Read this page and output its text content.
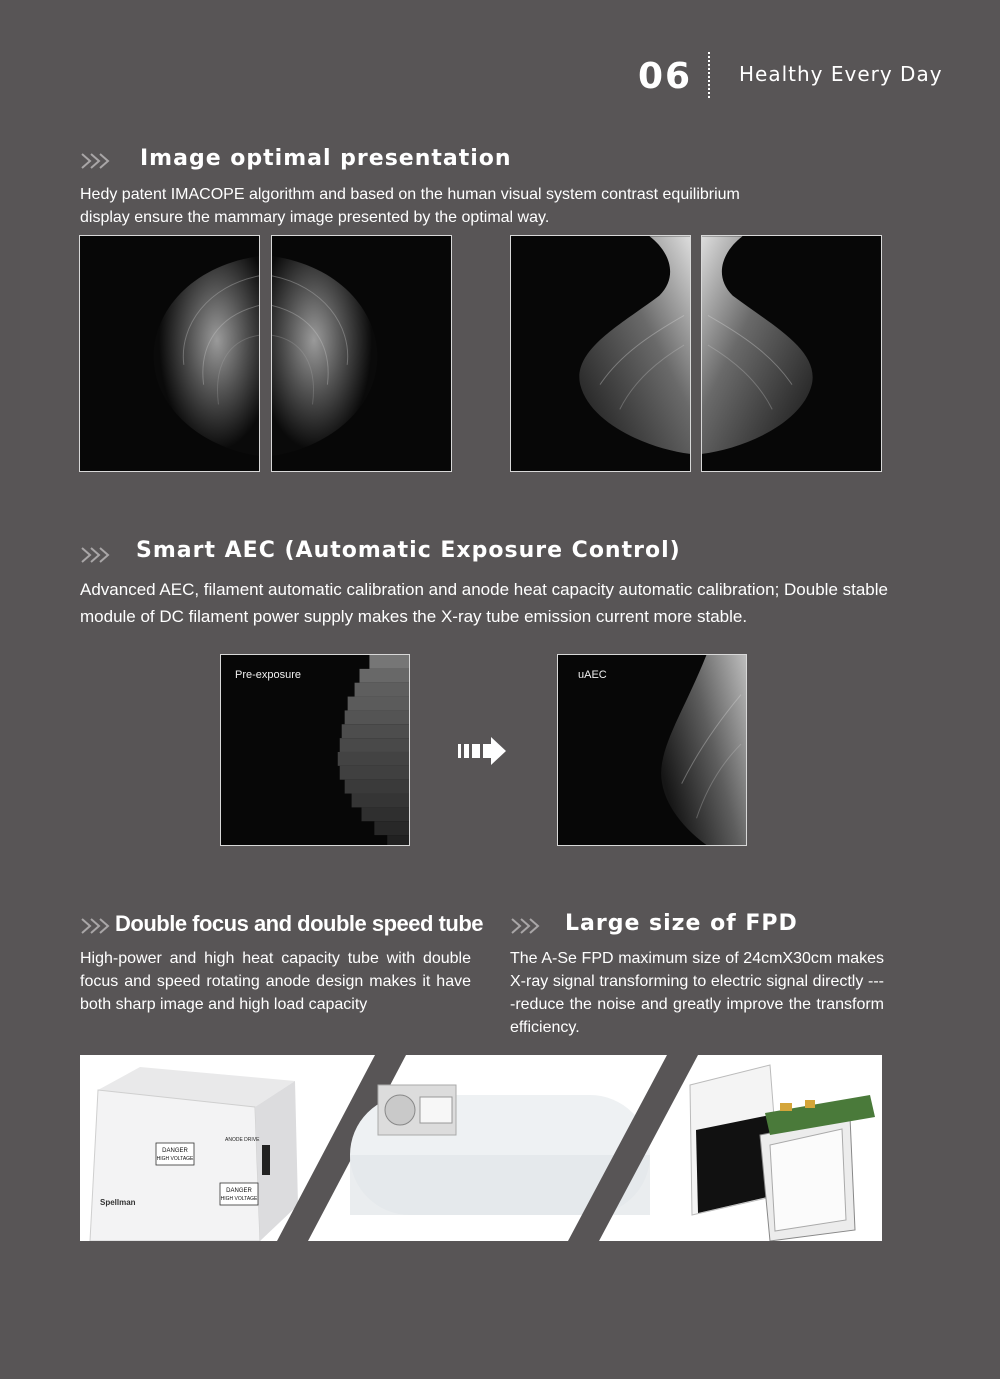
06 Healthy Every Day
Image optimal presentation
Hedy patent IMACOPE algorithm and based on the human visual system contrast equilibrium
display ensure the mammary image presented by the optimal way.
Smart AEC (Automatic Exposure Control)
Advanced AEC, filament automatic calibration and anode heat capacity automatic calibration; Double stable
module of DC filament power supply makes the X-ray tube emission current more stable.
Pre-exposure	uAEC
Double focus and double speed tube
High-power and high heat capacity tube with double focus and speed rotating anode design makes it have both sharp image and high load capacity
Large size of FPD
The A-Se FPD maximum size of 24cmX30cm makes X-ray signal transforming to electric signal directly ----reduce the noise and greatly improve the transform efficiency.
DANGER
HIGH VOLTAGE
ANODE DRIVE
DANGER
HIGH VOLTAGE
Spellman
